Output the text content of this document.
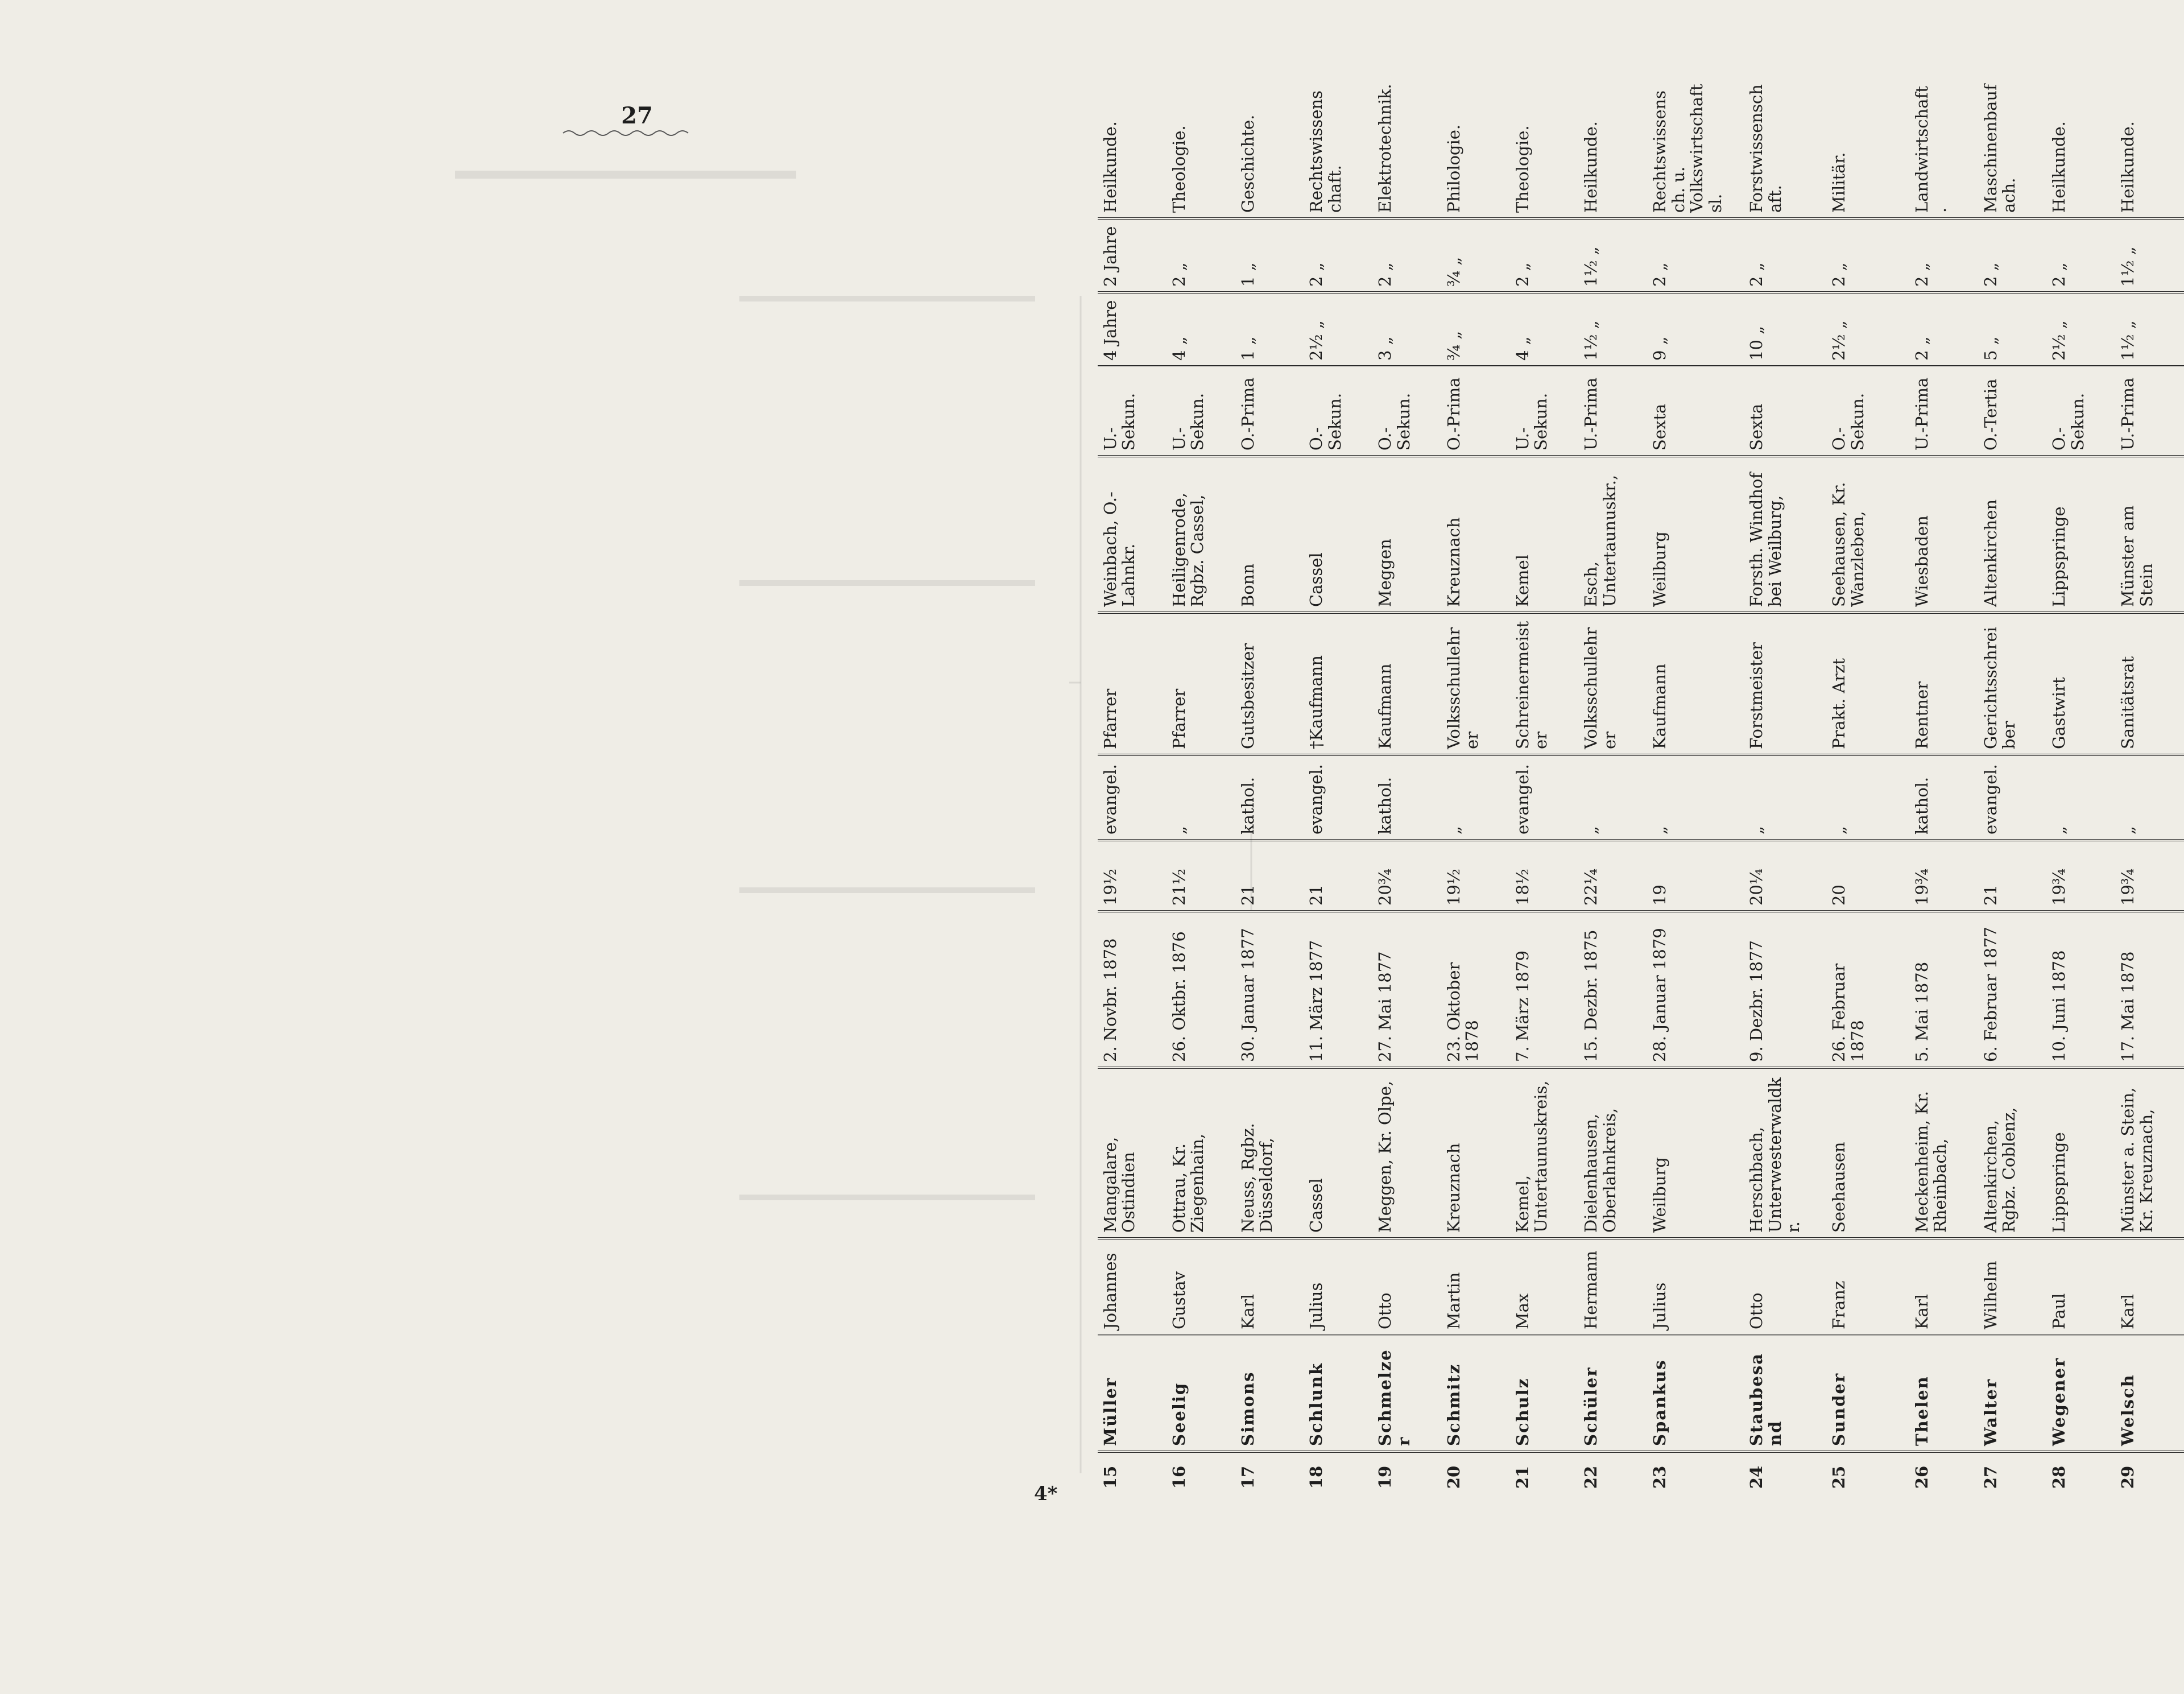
27
15	Müller	Johannes	Mangalare, Ostindien	2. Novbr. 1878	19½	evangel.	Pfarrer	Weinbach, O.-Lahnkr.	U.-Sekun.	4 Jahre	2 Jahre	Heilkunde.
16	Seelig	Gustav	Ottrau, Kr. Ziegenhain,	26. Oktbr. 1876	21½	„	Pfarrer	Heiligenrode, Rgbz. Cassel,	U.-Sekun.	4 „	2 „	Theologie.
17	Simons	Karl	Neuss, Rgbz. Düsseldorf,	30. Januar 1877	21	kathol.	Gutsbesitzer	Bonn	O.-Prima	1 „	1 „	Geschichte.
18	Schlunk	Julius	Cassel	11. März 1877	21	evangel.	†Kaufmann	Cassel	O.-Sekun.	2½ „	2 „	Rechtswissenschaft.
19	Schmelzer	Otto	Meggen, Kr. Olpe,	27. Mai 1877	20¾	kathol.	Kaufmann	Meggen	O.-Sekun.	3 „	2 „	Elektrotechnik.
20	Schmitz	Martin	Kreuznach	23. Oktober 1878	19½	„	Volksschullehrer	Kreuznach	O.-Prima	¾ „	¾ „	Philologie.
21	Schulz	Max	Kemel, Untertaunuskreis,	7. März 1879	18½	evangel.	Schreinermeister	Kemel	U.-Sekun.	4 „	2 „	Theologie.
22	Schüler	Hermann	Dielenhausen, Oberlahnkreis,	15. Dezbr. 1875	22¼	„	Volksschullehrer	Esch, Untertaunuskr.,	U.-Prima	1½ „	1½ „	Heilkunde.
23	Spankus	Julius	Weilburg	28. Januar 1879	19	„	Kaufmann	Weilburg	Sexta	9 „	2 „	Rechtswissensch. u. Volkswirtschaftsl.
24	Staubesand	Otto	Herschbach, Unterwesterwaldkr.	9. Dezbr. 1877	20¼	„	Forstmeister	Forsth. Windhof bei Weilburg,	Sexta	10 „	2 „	Forstwissenschaft.
25	Sunder	Franz	Seehausen	26. Februar 1878	20	„	Prakt. Arzt	Seehausen, Kr. Wanzleben,	O.-Sekun.	2½ „	2 „	Militär.
26	Thelen	Karl	Meckenheim, Kr. Rheinbach,	5. Mai 1878	19¾	kathol.	Rentner	Wiesbaden	U.-Prima	2 „	2 „	Landwirtschaft.
27	Walter	Wilhelm	Altenkirchen, Rgbz. Coblenz,	6. Februar 1877	21	evangel.	Gerichtsschreiber	Altenkirchen	O.-Tertia	5 „	2 „	Maschinenbaufach.
28	Wegener	Paul	Lippspringe	10. Juni 1878	19¾	„	Gastwirt	Lippspringe	O.-Sekun.	2½ „	2 „	Heilkunde.
29	Welsch	Karl	Münster a. Stein, Kr. Kreuznach,	17. Mai 1878	19¾	„	Sanitätsrat	Münster am Stein	U.-Prima	1½ „	1½ „	Heilkunde.
4*
